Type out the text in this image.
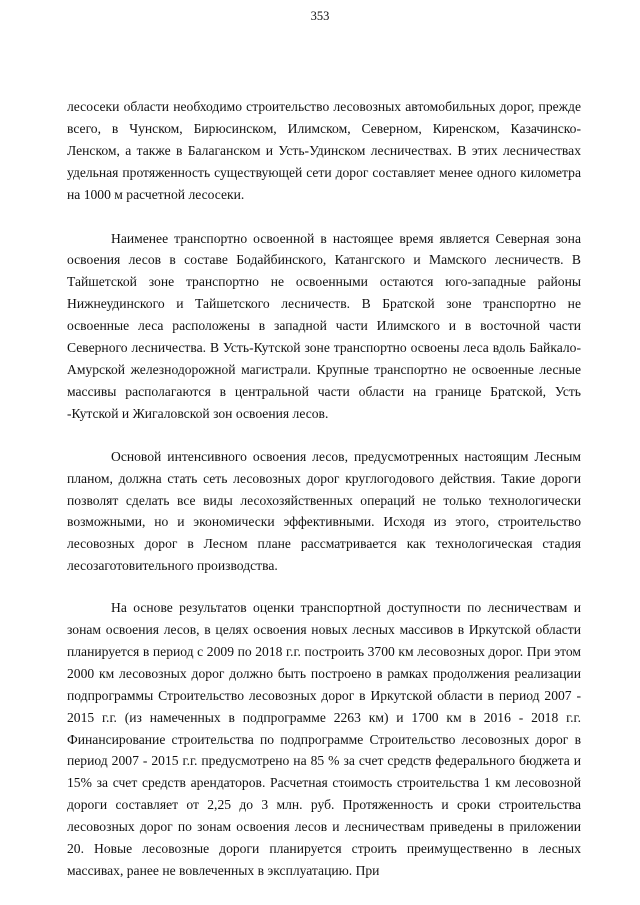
353

лесосеки области необходимо строительство лесовозных автомобильных дорог, прежде всего, в Чунском, Бирюсинском, Илимском, Северном, Киренском, Казачинско-Ленском, а также в Балаганском и Усть-Удинском лесничествах. В этих лесничествах удельная протяженность существующей сети дорог составляет менее одного километра на 1000 м расчетной лесосеки.

Наименее транспортно освоенной в настоящее время является Северная зона освоения лесов в составе Бодайбинского, Катангского и Мамского лесничеств. В Тайшетской зоне транспортно не освоенными остаются юго-западные районы Нижнеудинского и Тайшетского лесничеств. В Братской зоне транспортно не освоенные леса расположены в западной части Илимского и в восточной части Северного лесничества. В Усть-Кутской зоне транспортно освоены леса вдоль Байкало-Амурской железнодорожной магистрали. Крупные транспортно не освоенные лесные массивы располагаются в центральной части области на границе Братской, Усть -Кутской и Жигаловской зон освоения лесов.

Основой интенсивного освоения лесов, предусмотренных настоящим Лесным планом, должна стать сеть лесовозных дорог круглогодового действия. Такие дороги позволят сделать все виды лесохозяйственных операций не только технологически возможными, но и экономически эффективными. Исходя из этого, строительство лесовозных дорог в Лесном плане рассматривается как технологическая стадия лесозаготовительного производства.

На основе результатов оценки транспортной доступности по лесничествам и зонам освоения лесов, в целях освоения новых лесных массивов в Иркутской области планируется в период с 2009 по 2018 г.г. построить 3700 км лесовозных дорог. При этом 2000 км лесовозных дорог должно быть построено в рамках продолжения реализации подпрограммы Строительство лесовозных дорог в Иркутской области в период 2007 - 2015 г.г. (из намеченных в подпрограмме 2263 км) и 1700 км в 2016 - 2018 г.г. Финансирование строительства по подпрограмме Строительство лесовозных дорог в период 2007 - 2015 г.г. предусмотрено на 85 % за счет средств федерального бюджета и 15% за счет средств арендаторов. Расчетная стоимость строительства 1 км лесовозной дороги составляет от 2,25 до 3 млн. руб. Протяженность и сроки строительства лесовозных дорог по зонам освоения лесов и лесничествам приведены в приложении 20. Новые лесовозные дороги планируется строить преимущественно в лесных массивах, ранее не вовлеченных в эксплуатацию. При
